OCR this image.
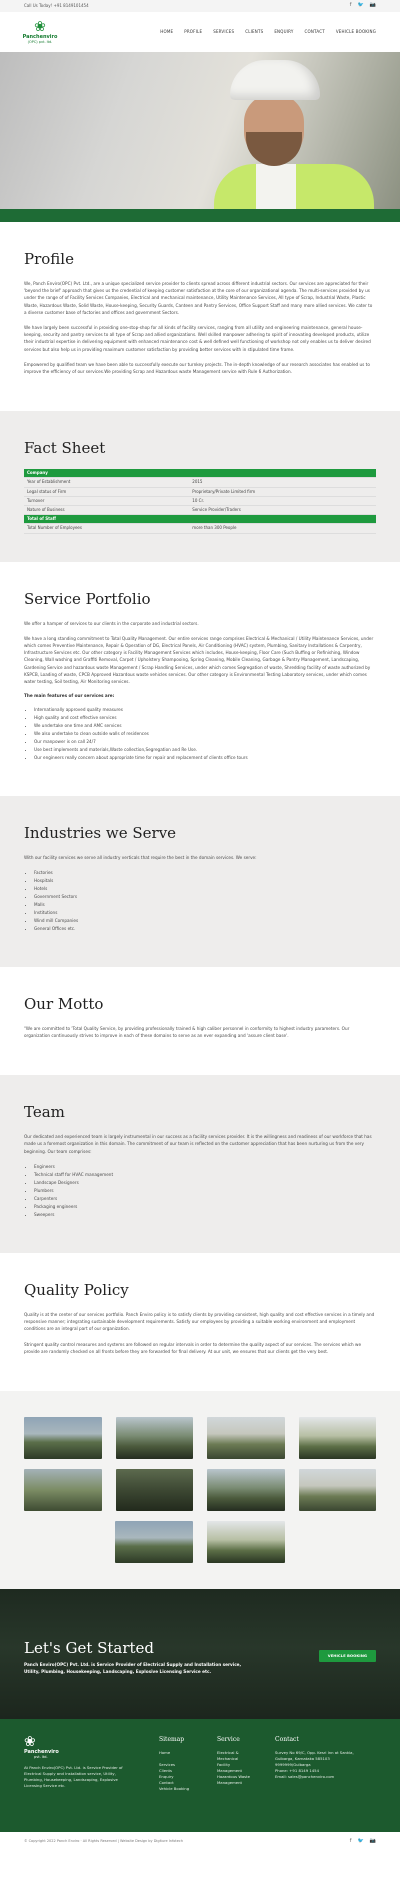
Call Us Today! +91 8149101454	f 🐦 📷
❀
Panchenviro
(OPC) pvt. ltd.
HOME	PROFILE	SERVICES	CLIENTS	ENQUIRY	CONTACT	VEHICLE BOOKING
Profile

We, Panch Enviro(OPC) Pvt. Ltd., are a unique specialized service provider to clients spread across different industrial sectors. Our services are appreciated for their 'beyond the brief' approach that gives us the credential of keeping customer satisfaction at the core of our organizational agenda. The multi-services provided by us under the range of of Facility Services Companies, Electrical and mechanical maintenance, Utility Maintenance Services, All type of Scrap, Industrial Waste, Plastic Waste, Hazardous Waste, Solid Waste, House-keeping, Security Guards, Canteen and Pantry Services, Office Support Staff and many more allied services. We cater to a diverse customer base of factories and offices and government Sectors.

We have largely been successful in providing one-stop-shop for all kinds of facility services, ranging from all utility and engineering maintenance, general house-keeping, security and pantry services to all type of Scrap and allied organizations. Well skilled manpower adhering to spirit of innovating developed products, utilize their industrial expertise in delivering equipment with enhanced maintenance cost & well defined well functioning of workshop not only enables us to deliver desired services but also help us in providing maximum customer satisfaction by providing better services with in stipulated time frame.

Empowered by qualified team we have been able to successfully execute our turnkey projects. The in-depth knowledge of our research associates has enabled us to improve the efficiency of our services.We providing Scrap and Hazardous waste Management service with Rule 6 Authorization.

Fact Sheet
Company	
Year of Establishment	2015
Legal status of Firm	Proprietary/Private Limited firm
Turnover	10 Cr.
Nature of Business	Service Provider/Traders
Total of Staff	
Total Number of Employees	more than 300 People
Service Portfolio

We offer a hamper of services to our clients in the corporate and industrial sectors.

We have a long standing commitment to Total Quality Management. Our entire services range comprises Electrical & Mechanical / Utility Maintenance Services, under which comes Preventive Maintenance, Repair & Operation of DG, Electrical Panels, Air Conditioning (HVAC) system, Plumbing, Sanitary Installations & Carpentry, Infrastructure Services etc. Our other category is Facility Management Services which includes, House-keeping, Floor Care (Such Buffing or Refinishing, Window Cleaning, Wall washing and Graffiti Removal, Carpet / Upholstery Shampooing, Spring Cleaning, Mobile Cleaning, Garbage & Pantry Management, Landscaping, Gardening Service and hazardous waste Management / Scrap Handling Services, under which comes Segregation of waste, Shredding facility of waste authorized by KSPCB, Loading of waste, CPCB Approved Hazardous waste vehicles services. Our other category is Environmental Testing Laboratory services, under which comes water testing, Soil testing, Air Monitoring services.

The main features of our services are:
• Internationally approved quality measures
• High quality and cost effective services
• We undertake one time and AMC services
• We also undertake to clean outside walls of residences
• Our manpower is on call 24/7
• Use best implements and materials,Waste collection,Segregation and Re Use.
• Our engineers really concern about appropriate time for repair and replacement of clients office tours
Industries we Serve

With our facility services we serve all industry verticals that require the best in the domain services. We serve:

• Factories
• Hospitals
• Hotels
• Government Sectors
• Malls
• Institutions
• Wind mill Companies
• General Offices etc.
Our Motto

"We are committed to 'Total Quality Service, by providing professionally trained & high caliber personnel in conformity to highest industry parameters. Our organization continuously strives to improve in each of these domains to serve as an ever expanding and 'assure client base'.

Team

Our dedicated and experienced team is largely instrumental in our success as a facility services provider. It is the willingness and readiness of our workforce that has made us a foremost organization in this domain. The commitment of our team is reflected on the customer appreciation that has been nurturing us from the very beginning. Our team comprises:

• Engineers
• Technical staff for HVAC management
• Landscape Designers
• Plumbers
• Carpenters
• Packaging engineers
• Sweepers
Quality Policy

Quality is at the center of our services portfolio. Panch Enviro policy is to satisfy clients by providing consistent, high quality and cost effective services in a timely and responsive manner; integrating sustainable development requirements. Satisfy our employees by providing a suitable working environment and employment conditions are an integral part of our organization.

Stringent quality control measures and systems are followed on regular intervals in order to determine the quality aspect of our services. The services which we provide are randomly checked on all fronts before they are forwarded for final delivery. At our unit, we ensures that our clients get the very best.

Let's Get Started
Panch Enviro(OPC) Pvt. Ltd. is Service Provider of Electrical Supply and Installation service, Utility, Plumbing, Housekeeping, Landscaping, Explosive Licensing Service etc.
VEHICLE BOOKING
❀
Panchenviro
pvt. ltd.
At Panch Enviro(OPC) Pvt. Ltd. is Service Provider of Electrical Supply and Installation service, Utility, Plumbing, Housekeeping, Landscaping, Explosive Licensing Service etc.
Sitemap
Home

Services
Clients
Enquiry
Contact
Vehicle Booking
Service
Electrical &
Mechanical
Facility
Management
Hazardous Waste
Management
Contact
Survey No 69/C, Opp. Kesri Inn at Sankla,
Gulbarga, Karnataka 585103
9999999/Gulbarga
Phone: +91 8149 1454
Email: sales@panchenviro.com
© Copyright 2022 Panch Enviro · All Rights Reserved | Website Design by Digiture Infotech	f 🐦 📷
